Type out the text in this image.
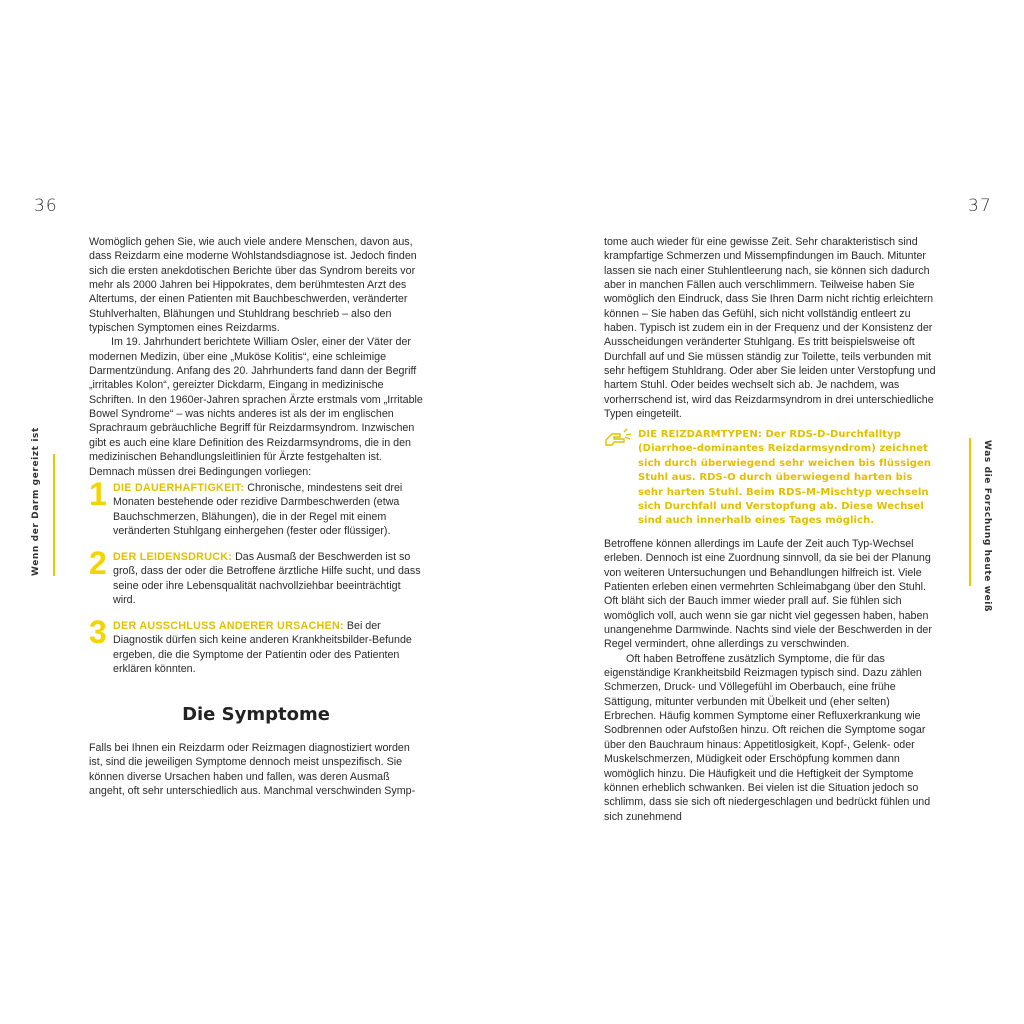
36	37
Wenn der Darm gereizt ist	Was die Forschung heute weiß

Womöglich gehen Sie, wie auch viele andere Menschen, davon aus, dass Reizdarm eine moderne Wohlstandsdiagnose ist. Jedoch finden sich die ersten anekdotischen Berichte über das Syndrom bereits vor mehr als 2000 Jahren bei Hippokrates, dem berühmtesten Arzt des Altertums, der einen Patienten mit Bauchbeschwerden, veränderter Stuhlverhalten, Blähungen und Stuhldrang beschrieb – also den typischen Symptomen eines Reizdarms.

Im 19. Jahrhundert berichtete William Osler, einer der Väter der modernen Medizin, über eine „Muköse Kolitis“, eine schleimige Darmentzündung. Anfang des 20. Jahrhunderts fand dann der Begriff „irritables Kolon“, gereizter Dickdarm, Eingang in medizinische Schriften. In den 1960er-Jahren sprachen Ärzte erstmals vom „Irritable Bowel Syndrome“ – was nichts anderes ist als der im englischen Sprachraum gebräuchliche Begriff für Reizdarmsyndrom. Inzwischen gibt es auch eine klare Definition des Reizdarmsyndroms, die in den medizinischen Behandlungsleitlinien für Ärzte festgehalten ist. Demnach müssen drei Bedingungen vorliegen:

1 DIE DAUERHAFTIGKEIT: Chronische, mindestens seit drei Monaten bestehende oder rezidive Darmbeschwerden (etwa Bauchschmerzen, Blähungen), die in der Regel mit einem veränderten Stuhlgang einhergehen (fester oder flüssiger).
2 DER LEIDENSDRUCK: Das Ausmaß der Beschwerden ist so groß, dass der oder die Betroffene ärztliche Hilfe sucht, und dass seine oder ihre Lebensqualität nachvollziehbar beeinträchtigt wird.
3 DER AUSSCHLUSS ANDERER URSACHEN: Bei der Diagnostik dürfen sich keine anderen Krankheitsbilder-Befunde ergeben, die die Symptome der Patientin oder des Patienten erklären könnten.
Die Symptome

Falls bei Ihnen ein Reizdarm oder Reizmagen diagnostiziert worden ist, sind die jeweiligen Symptome dennoch meist unspezifisch. Sie können diverse Ursachen haben und fallen, was deren Ausmaß angeht, oft sehr unterschiedlich aus. Manchmal verschwinden Symp-

tome auch wieder für eine gewisse Zeit. Sehr charakteristisch sind krampfartige Schmerzen und Missempfindungen im Bauch. Mitunter lassen sie nach einer Stuhlentleerung nach, sie können sich dadurch aber in manchen Fällen auch verschlimmern. Teilweise haben Sie womöglich den Eindruck, dass Sie Ihren Darm nicht richtig erleichtern können – Sie haben das Gefühl, sich nicht vollständig entleert zu haben. Typisch ist zudem ein in der Frequenz und der Konsistenz der Ausscheidungen veränderter Stuhlgang. Es tritt beispielsweise oft Durchfall auf und Sie müssen ständig zur Toilette, teils verbunden mit sehr heftigem Stuhldrang. Oder aber Sie leiden unter Verstopfung und hartem Stuhl. Oder beides wechselt sich ab. Je nachdem, was vorherrschend ist, wird das Reizdarmsyndrom in drei unterschiedliche Typen eingeteilt.

DIE REIZDARMTYPEN: Der RDS-D-Durchfalltyp (Diarrhoe-dominantes Reizdarmsyndrom) zeichnet sich durch überwiegend sehr weichen bis flüssigen Stuhl aus. RDS-O durch überwiegend harten bis sehr harten Stuhl. Beim RDS-M-Mischtyp wechseln sich Durchfall und Verstopfung ab. Diese Wechsel sind auch innerhalb eines Tages möglich.

Betroffene können allerdings im Laufe der Zeit auch Typ-Wechsel erleben. Dennoch ist eine Zuordnung sinnvoll, da sie bei der Planung von weiteren Untersuchungen und Behandlungen hilfreich ist. Viele Patienten erleben einen vermehrten Schleimabgang über den Stuhl. Oft bläht sich der Bauch immer wieder prall auf. Sie fühlen sich womöglich voll, auch wenn sie gar nicht viel gegessen haben, haben unangenehme Darmwinde. Nachts sind viele der Beschwerden in der Regel vermindert, ohne allerdings zu verschwinden.

Oft haben Betroffene zusätzlich Symptome, die für das eigenständige Krankheitsbild Reizmagen typisch sind. Dazu zählen Schmerzen, Druck- und Völlegefühl im Oberbauch, eine frühe Sättigung, mitunter verbunden mit Übelkeit und (eher selten) Erbrechen. Häufig kommen Symptome einer Refluxerkrankung wie Sodbrennen oder Aufstoßen hinzu. Oft reichen die Symptome sogar über den Bauchraum hinaus: Appetitlosigkeit, Kopf-, Gelenk- oder Muskelschmerzen, Müdigkeit oder Erschöpfung kommen dann womöglich hinzu. Die Häufigkeit und die Heftigkeit der Symptome können erheblich schwanken. Bei vielen ist die Situation jedoch so schlimm, dass sie sich oft niedergeschlagen und bedrückt fühlen und sich zunehmend
